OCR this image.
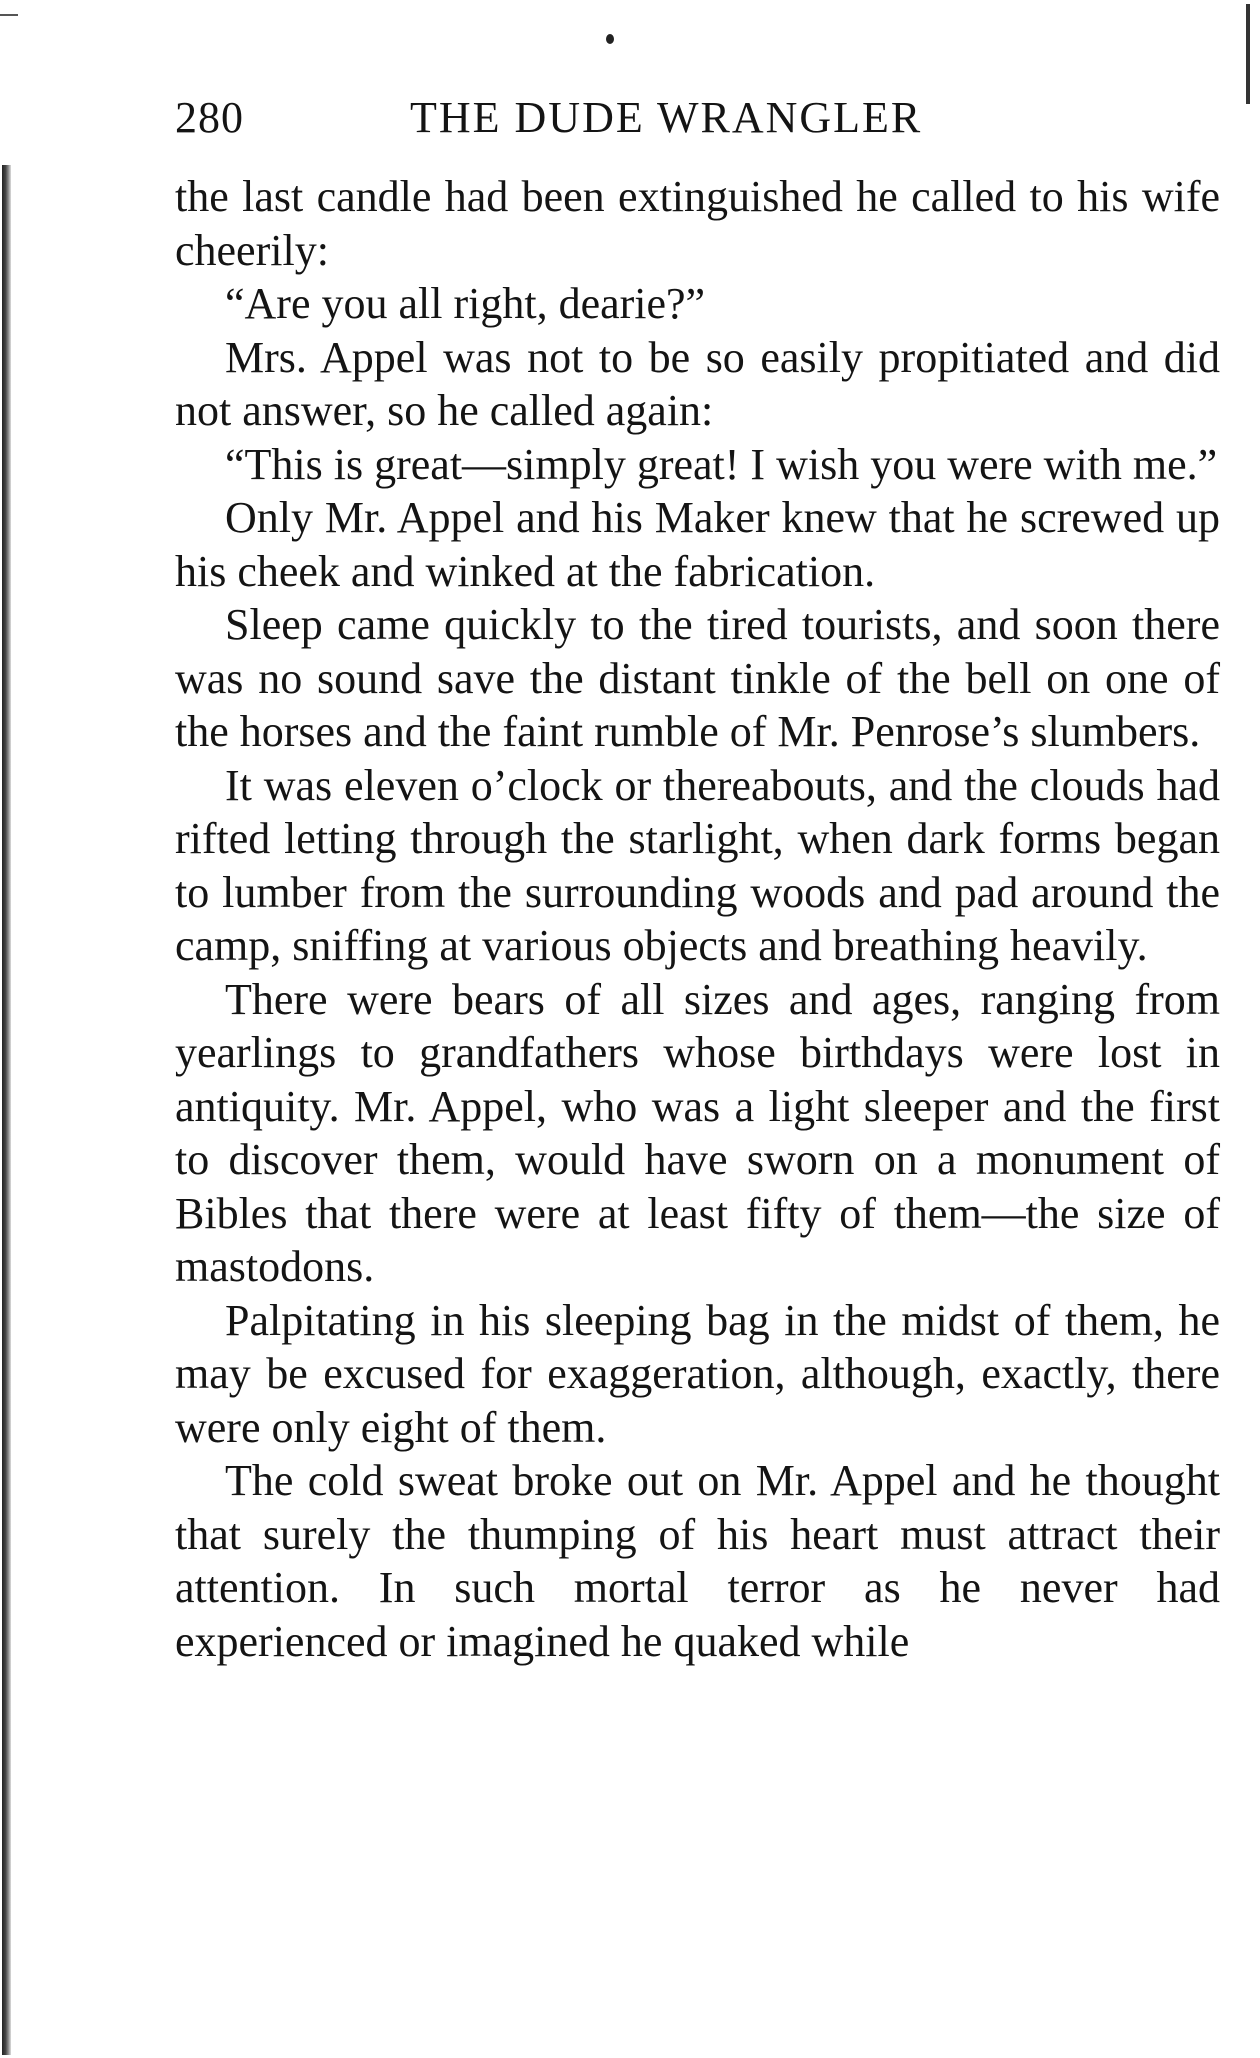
280	THE DUDE WRANGLER

the last candle had been extinguished he called to his wife cheerily:

“Are you all right, dearie?”

Mrs. Appel was not to be so easily propitiated and did not answer, so he called again:

“This is great—simply great! I wish you were with me.”

Only Mr. Appel and his Maker knew that he screwed up his cheek and winked at the fabrication.

Sleep came quickly to the tired tourists, and soon there was no sound save the distant tinkle of the bell on one of the horses and the faint rumble of Mr. Penrose’s slumbers.

It was eleven o’clock or thereabouts, and the clouds had rifted letting through the starlight, when dark forms began to lumber from the surrounding woods and pad around the camp, sniffing at various objects and breathing heavily.

There were bears of all sizes and ages, ranging from yearlings to grandfathers whose birthdays were lost in antiquity. Mr. Appel, who was a light sleeper and the first to discover them, would have sworn on a monument of Bibles that there were at least fifty of them—the size of mastodons.

Palpitating in his sleeping bag in the midst of them, he may be excused for exaggeration, although, exactly, there were only eight of them.

The cold sweat broke out on Mr. Appel and he thought that surely the thumping of his heart must attract their attention. In such mortal terror as he never had experienced or imagined he quaked while
